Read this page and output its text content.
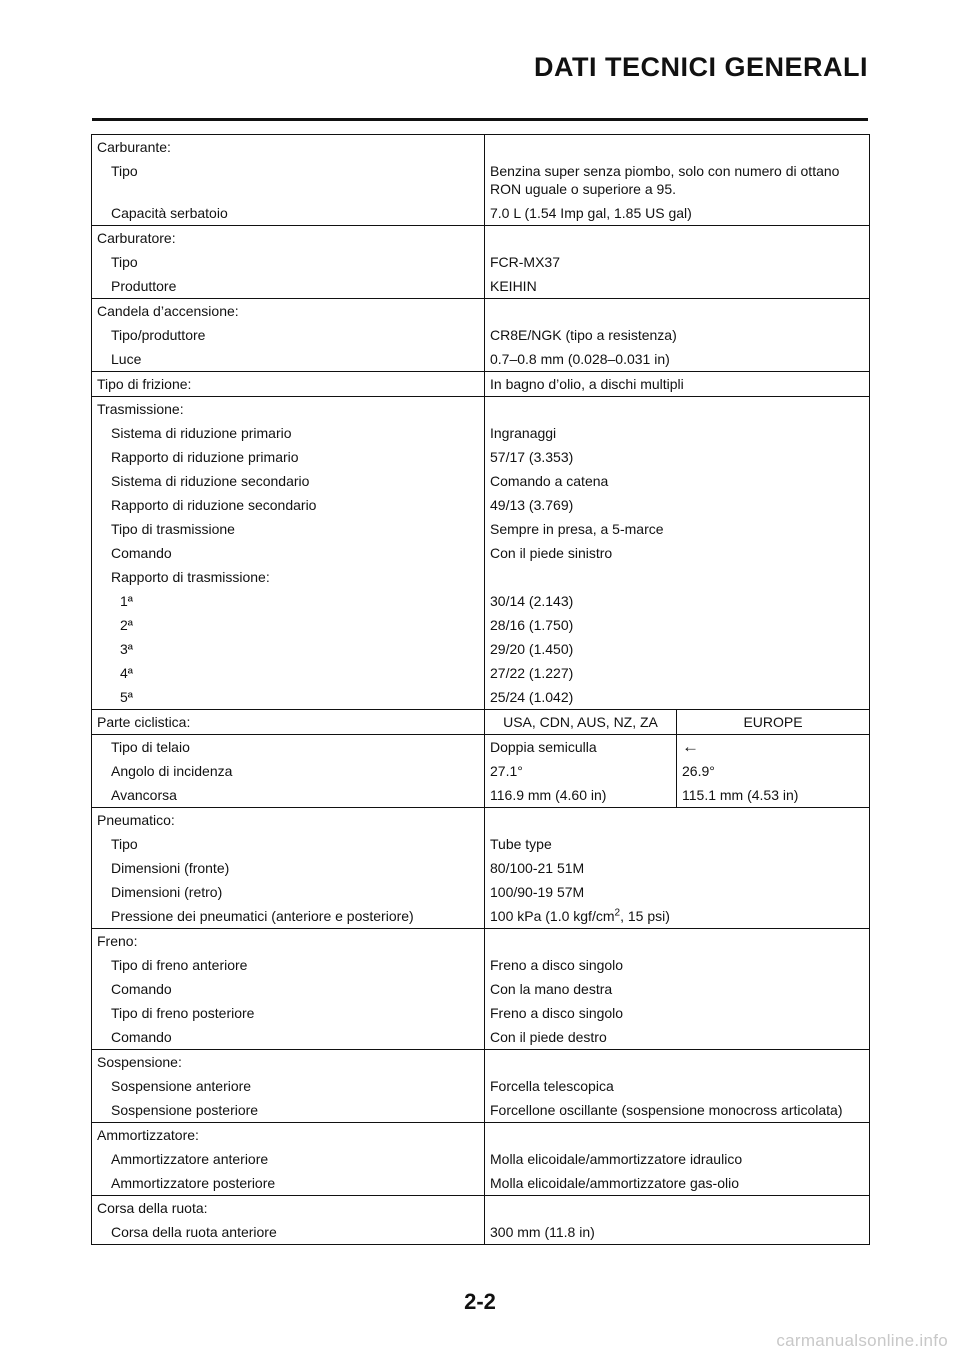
DATI TECNICI GENERALI
Carburante:		
Tipo	Benzina super senza piombo, solo con numero di ottano
RON uguale o superiore a 95.	
Capacità serbatoio	7.0 L (1.54 Imp gal, 1.85 US gal)	
Carburatore:		
Tipo	FCR-MX37	
Produttore	KEIHIN	
Candela d’accensione:		
Tipo/produttore	CR8E/NGK (tipo a resistenza)	
Luce	0.7–0.8 mm (0.028–0.031 in)	
Tipo di frizione:	In bagno d’olio, a dischi multipli	
Trasmissione:		
Sistema di riduzione primario	Ingranaggi	
Rapporto di riduzione primario	57/17 (3.353)	
Sistema di riduzione secondario	Comando a catena	
Rapporto di riduzione secondario	49/13 (3.769)	
Tipo di trasmissione	Sempre in presa, a 5-marce	
Comando	Con il piede sinistro	
Rapporto di trasmissione:		
1ª	30/14 (2.143)	
2ª	28/16 (1.750)	
3ª	29/20 (1.450)	
4ª	27/22 (1.227)	
5ª	25/24 (1.042)	
Parte ciclistica:	USA, CDN, AUS, NZ, ZA	EUROPE
Tipo di telaio	Doppia semiculla	←
Angolo di incidenza	27.1°	26.9°
Avancorsa	116.9 mm (4.60 in)	115.1 mm (4.53 in)
Pneumatico:		
Tipo	Tube type	
Dimensioni (fronte)	80/100-21 51M	
Dimensioni (retro)	100/90-19 57M	
Pressione dei pneumatici (anteriore e posteriore)	100 kPa (1.0 kgf/$cm^2$, 15 psi)	
Freno:		
Tipo di freno anteriore	Freno a disco singolo	
Comando	Con la mano destra	
Tipo di freno posteriore	Freno a disco singolo	
Comando	Con il piede destro	
Sospensione:		
Sospensione anteriore	Forcella telescopica	
Sospensione posteriore	Forcellone oscillante (sospensione monocross articolata)	
Ammortizzatore:		
Ammortizzatore anteriore	Molla elicoidale/ammortizzatore idraulico	
Ammortizzatore posteriore	Molla elicoidale/ammortizzatore gas-olio	
Corsa della ruota:		
Corsa della ruota anteriore	300 mm (11.8 in)	
2-2
carmanualsonline.info
